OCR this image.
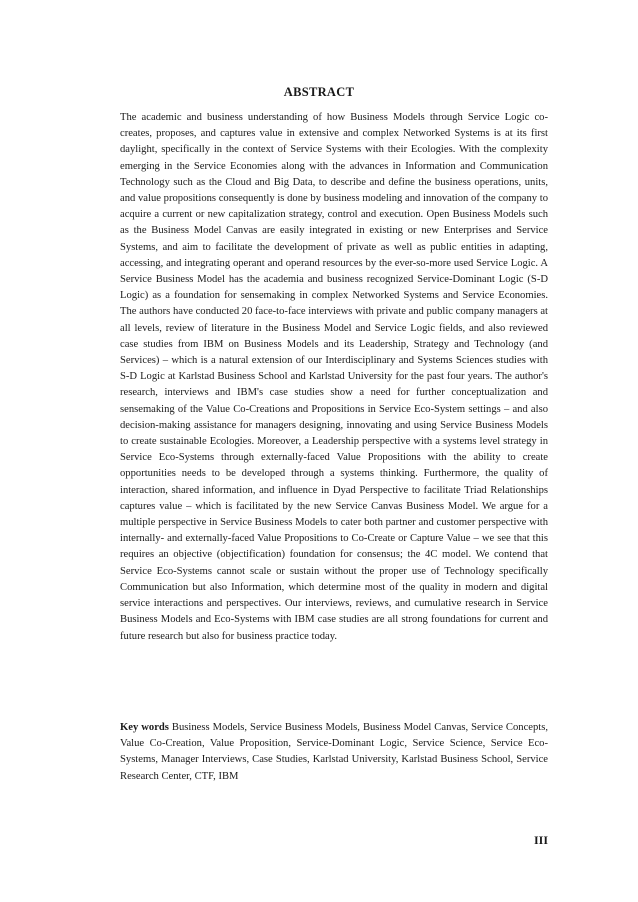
ABSTRACT

The academic and business understanding of how Business Models through Service Logic co-creates, proposes, and captures value in extensive and complex Networked Systems is at its first daylight, specifically in the context of Service Systems with their Ecologies. With the complexity emerging in the Service Economies along with the advances in Information and Communication Technology such as the Cloud and Big Data, to describe and define the business operations, units, and value propositions consequently is done by business modeling and innovation of the company to acquire a current or new capitalization strategy, control and execution. Open Business Models such as the Business Model Canvas are easily integrated in existing or new Enterprises and Service Systems, and aim to facilitate the development of private as well as public entities in adapting, accessing, and integrating operant and operand resources by the ever-so-more used Service Logic. A Service Business Model has the academia and business recognized Service-Dominant Logic (S-D Logic) as a foundation for sensemaking in complex Networked Systems and Service Economies. The authors have conducted 20 face-to-face interviews with private and public company managers at all levels, review of literature in the Business Model and Service Logic fields, and also reviewed case studies from IBM on Business Models and its Leadership, Strategy and Technology (and Services) – which is a natural extension of our Interdisciplinary and Systems Sciences studies with S-D Logic at Karlstad Business School and Karlstad University for the past four years. The author's research, interviews and IBM's case studies show a need for further conceptualization and sensemaking of the Value Co-Creations and Propositions in Service Eco-System settings – and also decision-making assistance for managers designing, innovating and using Service Business Models to create sustainable Ecologies. Moreover, a Leadership perspective with a systems level strategy in Service Eco-Systems through externally-faced Value Propositions with the ability to create opportunities needs to be developed through a systems thinking. Furthermore, the quality of interaction, shared information, and influence in Dyad Perspective to facilitate Triad Relationships captures value – which is facilitated by the new Service Canvas Business Model. We argue for a multiple perspective in Service Business Models to cater both partner and customer perspective with internally- and externally-faced Value Propositions to Co-Create or Capture Value – we see that this requires an objective (objectification) foundation for consensus; the 4C model. We contend that Service Eco-Systems cannot scale or sustain without the proper use of Technology specifically Communication but also Information, which determine most of the quality in modern and digital service interactions and perspectives. Our interviews, reviews, and cumulative research in Service Business Models and Eco-Systems with IBM case studies are all strong foundations for current and future research but also for business practice today.

Key words Business Models, Service Business Models, Business Model Canvas, Service Concepts, Value Co-Creation, Value Proposition, Service-Dominant Logic, Service Science, Service Eco-Systems, Manager Interviews, Case Studies, Karlstad University, Karlstad Business School, Service Research Center, CTF, IBM

III
